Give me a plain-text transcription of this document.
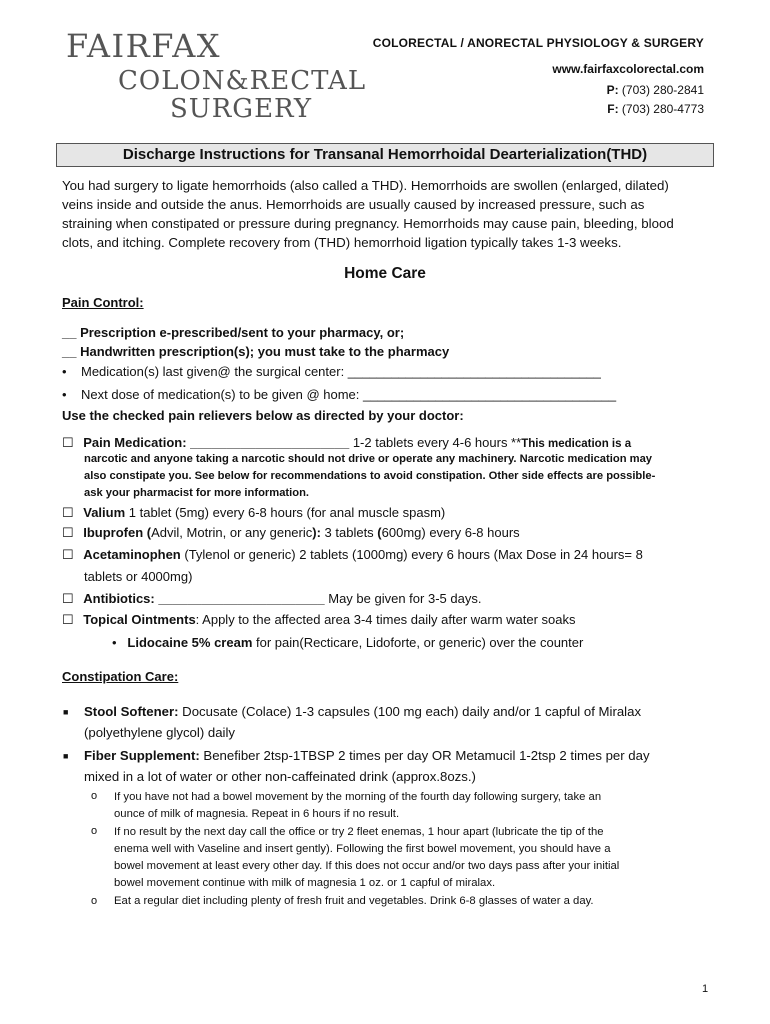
FAIRFAX
COLON&RECTAL
SURGERY
COLORECTAL / ANORECTAL PHYSIOLOGY & SURGERY
www.fairfaxcolorectal.com
P: (703) 280-2841
F: (703) 280-4773
Discharge Instructions for Transanal Hemorrhoidal Dearterialization(THD)
You had surgery to ligate hemorrhoids (also called a THD). Hemorrhoids are swollen (enlarged, dilated)
veins inside and outside the anus. Hemorrhoids are usually caused by increased pressure, such as
straining when constipated or pressure during pregnancy. Hemorrhoids may cause pain, bleeding, blood
clots, and itching. Complete recovery from (THD) hemorrhoid ligation typically takes 1-3 weeks.
Home Care
Pain Control:
__ Prescription e-prescribed/sent to your pharmacy, or;
__ Handwritten prescription(s); you must take to the pharmacy
•    Medication(s) last given@ the surgical center: ___________________________________
•    Next dose of medication(s) to be given @ home: ___________________________________
Use the checked pain relievers below as directed by your doctor:
☐ Pain Medication: ______________________ 1-2 tablets every 4-6 hours **This medication is a
narcotic and anyone taking a narcotic should not drive or operate any machinery. Narcotic medication may
also constipate you. See below for recommendations to avoid constipation. Other side effects are possible-
ask your pharmacist for more information.
☐ Valium 1 tablet (5mg) every 6-8 hours (for anal muscle spasm)
☐ Ibuprofen (Advil, Motrin, or any generic): 3 tablets (600mg) every 6-8 hours
☐ Acetaminophen (Tylenol or generic) 2 tablets (1000mg) every 6 hours (Max Dose in 24 hours= 8
tablets or 4000mg)
☐ Antibiotics: _______________________ May be given for 3-5 days.
☐ Topical Ointments: Apply to the affected area 3-4 times daily after warm water soaks
•   Lidocaine 5% cream for pain(Recticare, Lidoforte, or generic) over the counter
Constipation Care:
■ Stool Softener: Docusate (Colace) 1-3 capsules (100 mg each) daily and/or 1 capful of Miralax
(polyethylene glycol) daily
■ Fiber Supplement: Benefiber 2tsp-1TBSP 2 times per day OR Metamucil 1-2tsp 2 times per day
mixed in a lot of water or other non-caffeinated drink (approx.8ozs.)
o If you have not had a bowel movement by the morning of the fourth day following surgery, take an
ounce of milk of magnesia. Repeat in 6 hours if no result.
o If no result by the next day call the office or try 2 fleet enemas, 1 hour apart (lubricate the tip of the
enema well with Vaseline and insert gently). Following the first bowel movement, you should have a
bowel movement at least every other day. If this does not occur and/or two days pass after your initial
bowel movement continue with milk of magnesia 1 oz. or 1 capful of miralax.
o Eat a regular diet including plenty of fresh fruit and vegetables. Drink 6-8 glasses of water a day.
1
